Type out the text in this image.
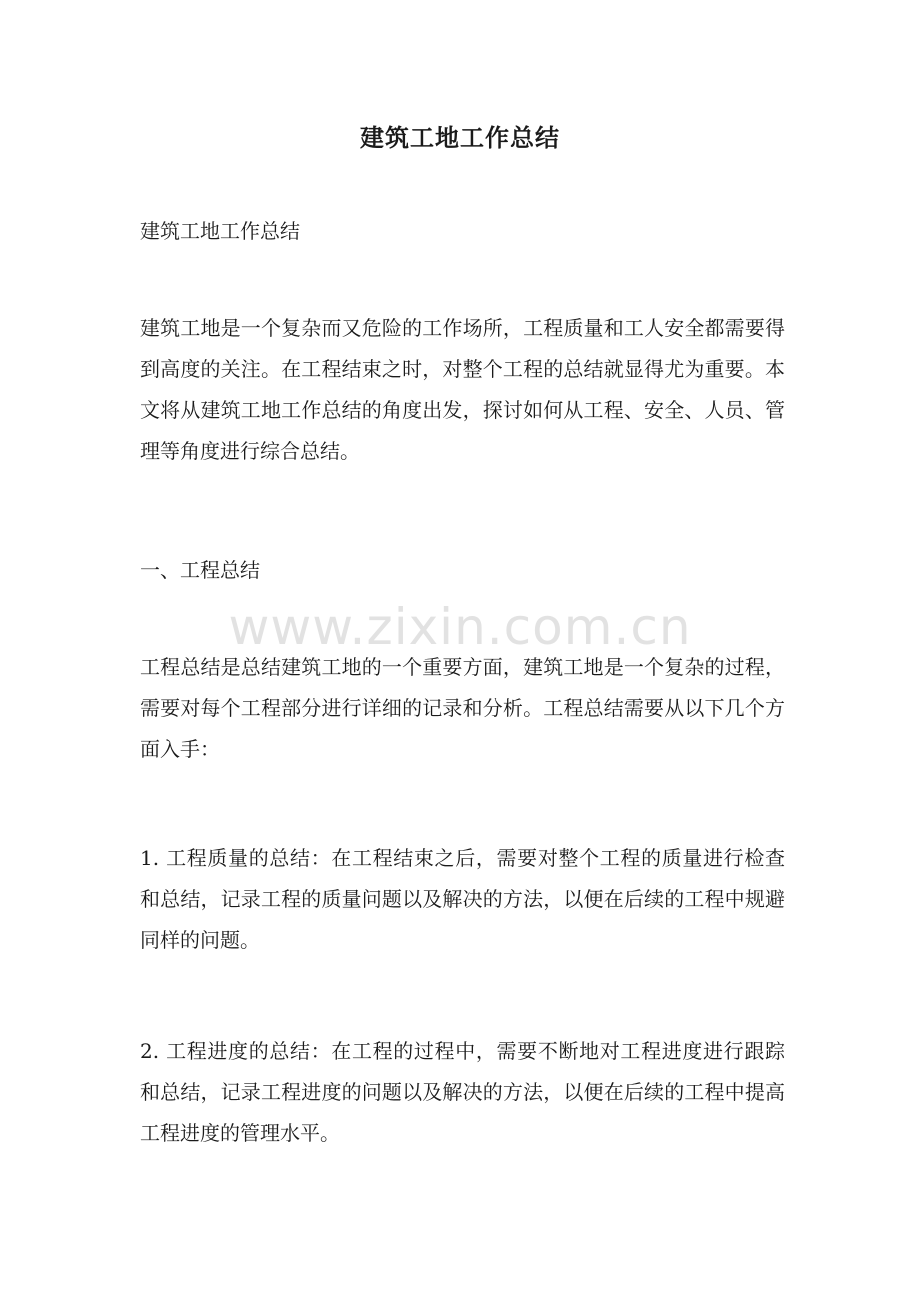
建筑工地工作总结
建筑工地工作总结
建筑工地是一个复杂而又危险的工作场所，工程质量和工人安全都需要得到高度的关注。在工程结束之时，对整个工程的总结就显得尤为重要。本文将从建筑工地工作总结的角度出发，探讨如何从工程、安全、人员、管理等角度进行综合总结。
一、工程总结
工程总结是总结建筑工地的一个重要方面，建筑工地是一个复杂的过程，需要对每个工程部分进行详细的记录和分析。工程总结需要从以下几个方面入手：
1. 工程质量的总结：在工程结束之后，需要对整个工程的质量进行检查和总结，记录工程的质量问题以及解决的方法，以便在后续的工程中规避同样的问题。
2. 工程进度的总结：在工程的过程中，需要不断地对工程进度进行跟踪和总结，记录工程进度的问题以及解决的方法，以便在后续的工程中提高工程进度的管理水平。
www.zixin.com.cn
